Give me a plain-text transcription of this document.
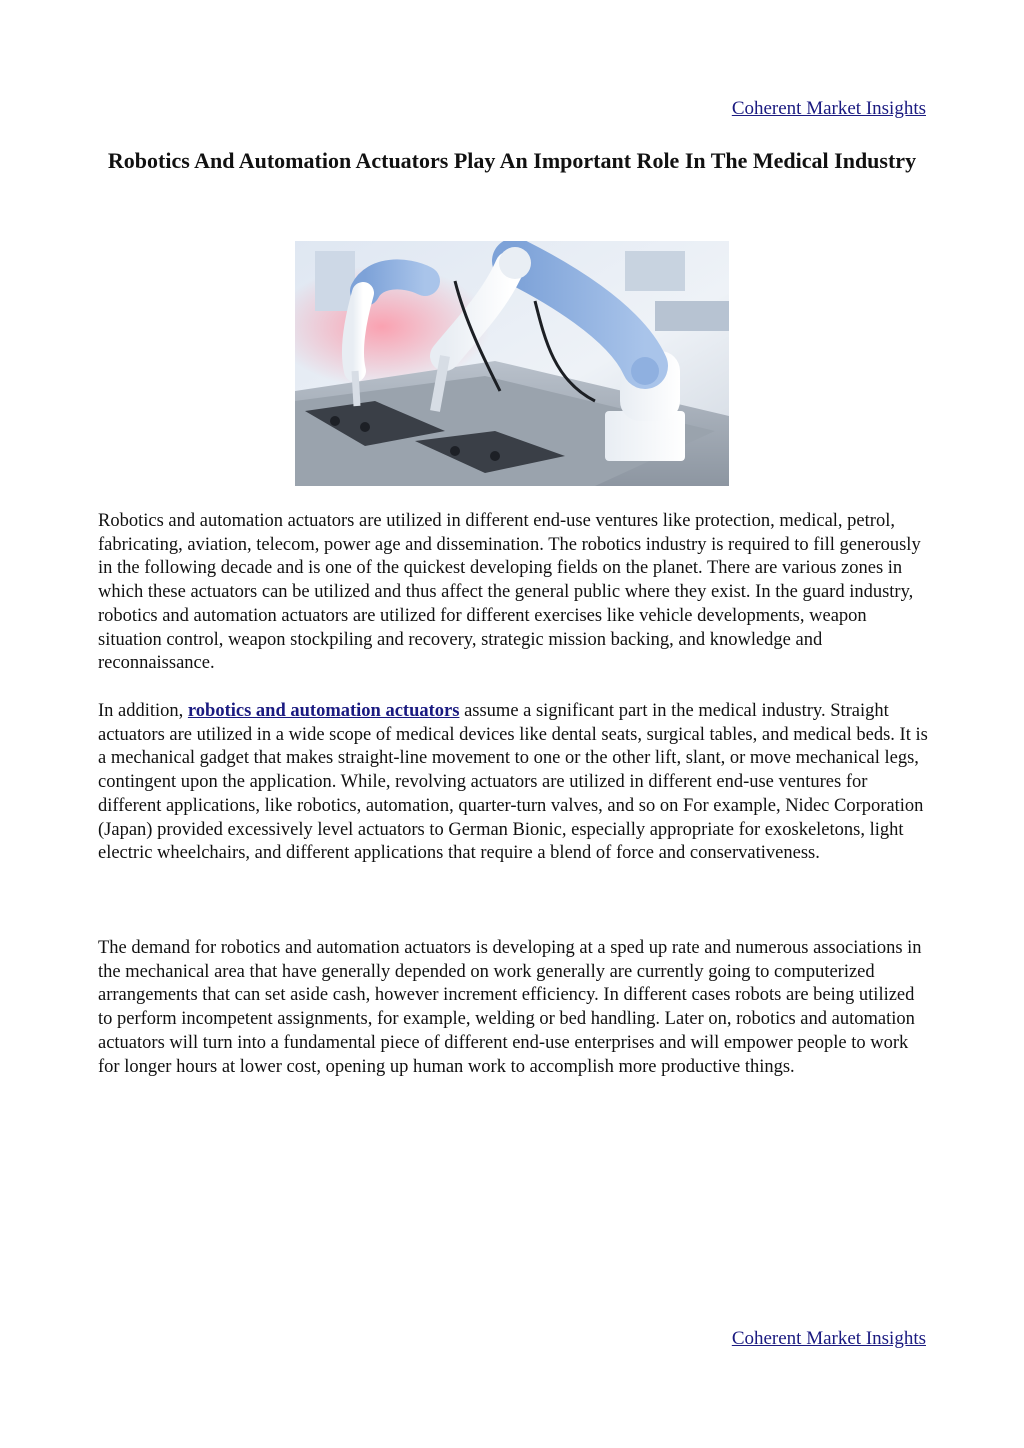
Coherent Market Insights
Robotics And Automation Actuators Play An Important Role In The Medical Industry

Robotics and automation actuators are utilized in different end-use ventures like protection, medical, petrol, fabricating, aviation, telecom, power age and dissemination. The robotics industry is required to fill generously in the following decade and is one of the quickest developing fields on the planet. There are various zones in which these actuators can be utilized and thus affect the general public where they exist. In the guard industry, robotics and automation actuators are utilized for different exercises like vehicle developments, weapon situation control, weapon stockpiling and recovery, strategic mission backing, and knowledge and reconnaissance.

In addition, robotics and automation actuators assume a significant part in the medical industry. Straight actuators are utilized in a wide scope of medical devices like dental seats, surgical tables, and medical beds. It is a mechanical gadget that makes straight-line movement to one or the other lift, slant, or move mechanical legs, contingent upon the application. While, revolving actuators are utilized in different end-use ventures for different applications, like robotics, automation, quarter-turn valves, and so on For example, Nidec Corporation (Japan) provided excessively level actuators to German Bionic, especially appropriate for exoskeletons, light electric wheelchairs, and different applications that require a blend of force and conservativeness.

The demand for robotics and automation actuators is developing at a sped up rate and numerous associations in the mechanical area that have generally depended on work generally are currently going to computerized arrangements that can set aside cash, however increment efficiency. In different cases robots are being utilized to perform incompetent assignments, for example, welding or bed handling. Later on, robotics and automation actuators will turn into a fundamental piece of different end-use enterprises and will empower people to work for longer hours at lower cost, opening up human work to accomplish more productive things.

Coherent Market Insights
